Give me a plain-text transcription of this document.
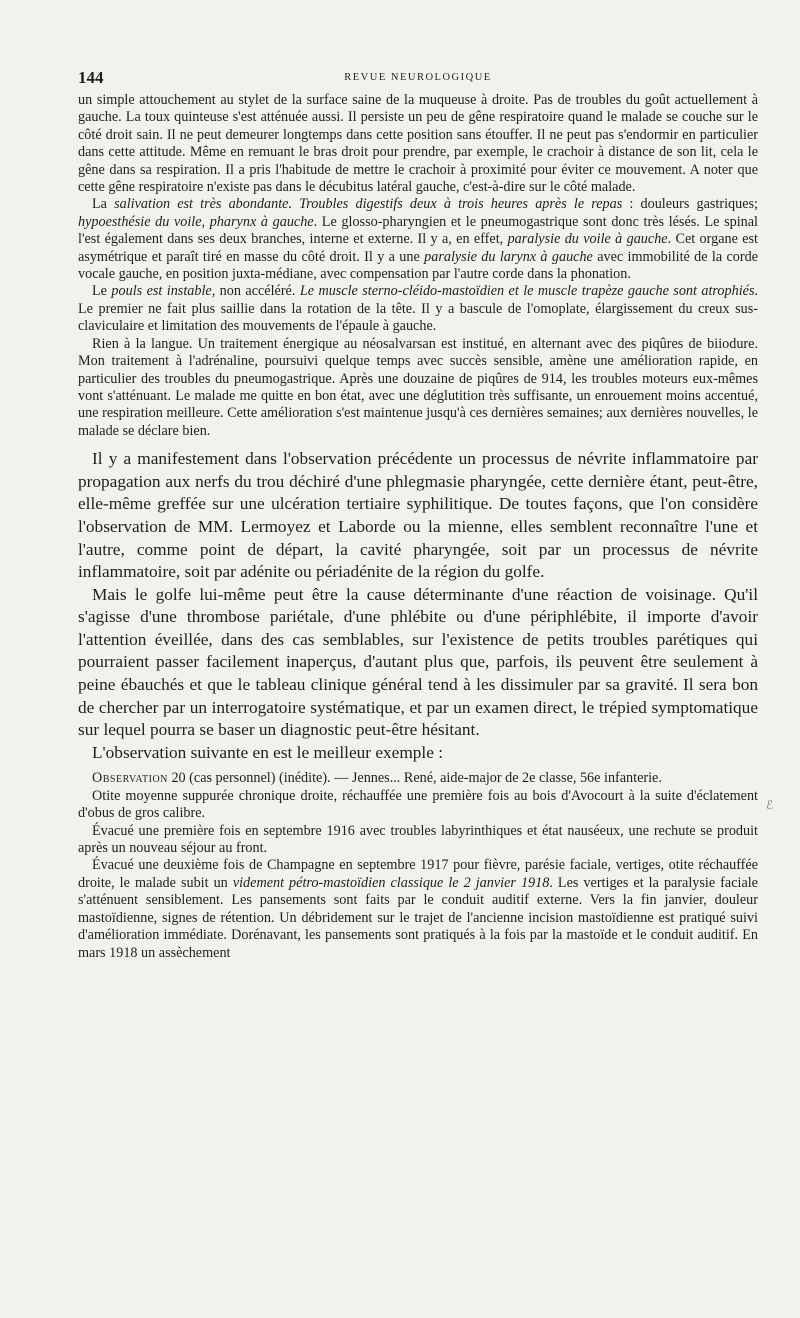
144	REVUE NEUROLOGIQUE

un simple attouchement au stylet de la surface saine de la muqueuse à droite. Pas de troubles du goût actuellement à gauche. La toux quinteuse s'est atténuée aussi. Il persiste un peu de gêne respiratoire quand le malade se couche sur le côté droit sain. Il ne peut demeurer longtemps dans cette position sans étouffer. Il ne peut pas s'endormir en particulier dans cette attitude. Même en remuant le bras droit pour prendre, par exemple, le crachoir à distance de son lit, cela le gêne dans sa respiration. Il a pris l'habitude de mettre le crachoir à proximité pour éviter ce mouvement. A noter que cette gêne respiratoire n'existe pas dans le décubitus latéral gauche, c'est-à-dire sur le côté malade.

La salivation est très abondante. Troubles digestifs deux à trois heures après le repas : douleurs gastriques; hypoesthésie du voile, pharynx à gauche. Le glosso-pharyngien et le pneumogastrique sont donc très lésés. Le spinal l'est également dans ses deux branches, interne et externe. Il y a, en effet, paralysie du voile à gauche. Cet organe est asymétrique et paraît tiré en masse du côté droit. Il y a une paralysie du larynx à gauche avec immobilité de la corde vocale gauche, en position juxta-médiane, avec compensation par l'autre corde dans la phonation.

Le pouls est instable, non accéléré. Le muscle sterno-cléido-mastoïdien et le muscle trapèze gauche sont atrophiés. Le premier ne fait plus saillie dans la rotation de la tête. Il y a bascule de l'omoplate, élargissement du creux sus-claviculaire et limitation des mouvements de l'épaule à gauche.

Rien à la langue. Un traitement énergique au néosalvarsan est institué, en alternant avec des piqûres de biiodure. Mon traitement à l'adrénaline, poursuivi quelque temps avec succès sensible, amène une amélioration rapide, en particulier des troubles du pneumogastrique. Après une douzaine de piqûres de 914, les troubles moteurs eux-mêmes vont s'atténuant. Le malade me quitte en bon état, avec une déglutition très suffisante, un enrouement moins accentué, une respiration meilleure. Cette amélioration s'est maintenue jusqu'à ces dernières semaines; aux dernières nouvelles, le malade se déclare bien.

Il y a manifestement dans l'observation précédente un processus de névrite inflammatoire par propagation aux nerfs du trou déchiré d'une phlegmasie pharyngée, cette dernière étant, peut-être, elle-même greffée sur une ulcération tertiaire syphilitique. De toutes façons, que l'on considère l'observation de MM. Lermoyez et Laborde ou la mienne, elles semblent reconnaître l'une et l'autre, comme point de départ, la cavité pharyngée, soit par un processus de névrite inflammatoire, soit par adénite ou périadénite de la région du golfe.

Mais le golfe lui-même peut être la cause déterminante d'une réaction de voisinage. Qu'il s'agisse d'une thrombose pariétale, d'une phlébite ou d'une périphlébite, il importe d'avoir l'attention éveillée, dans des cas semblables, sur l'existence de petits troubles parétiques qui pourraient passer facilement inaperçus, d'autant plus que, parfois, ils peuvent être seulement à peine ébauchés et que le tableau clinique général tend à les dissimuler par sa gravité. Il sera bon de chercher par un interrogatoire systématique, et par un examen direct, le trépied symptomatique sur lequel pourra se baser un diagnostic peut-être hésitant.

L'observation suivante en est le meilleur exemple :

Observation 20 (cas personnel) (inédite). — Jennes... René, aide-major de 2e classe, 56e infanterie.

Otite moyenne suppurée chronique droite, réchauffée une première fois au bois d'Avocourt à la suite d'éclatement d'obus de gros calibre.

Évacué une première fois en septembre 1916 avec troubles labyrinthiques et état nauséeux, une rechute se produit après un nouveau séjour au front.

Évacué une deuxième fois de Champagne en septembre 1917 pour fièvre, parésie faciale, vertiges, otite réchauffée droite, le malade subit un videment pétro-mastoïdien classique le 2 janvier 1918. Les vertiges et la paralysie faciale s'atténuent sensiblement. Les pansements sont faits par le conduit auditif externe. Vers la fin janvier, douleur mastoïdienne, signes de rétention. Un débridement sur le trajet de l'ancienne incision mastoïdienne est pratiqué suivi d'amélioration immédiate. Dorénavant, les pansements sont pratiqués à la fois par la mastoïde et le conduit auditif. En mars 1918 un assèchement

ℰ
